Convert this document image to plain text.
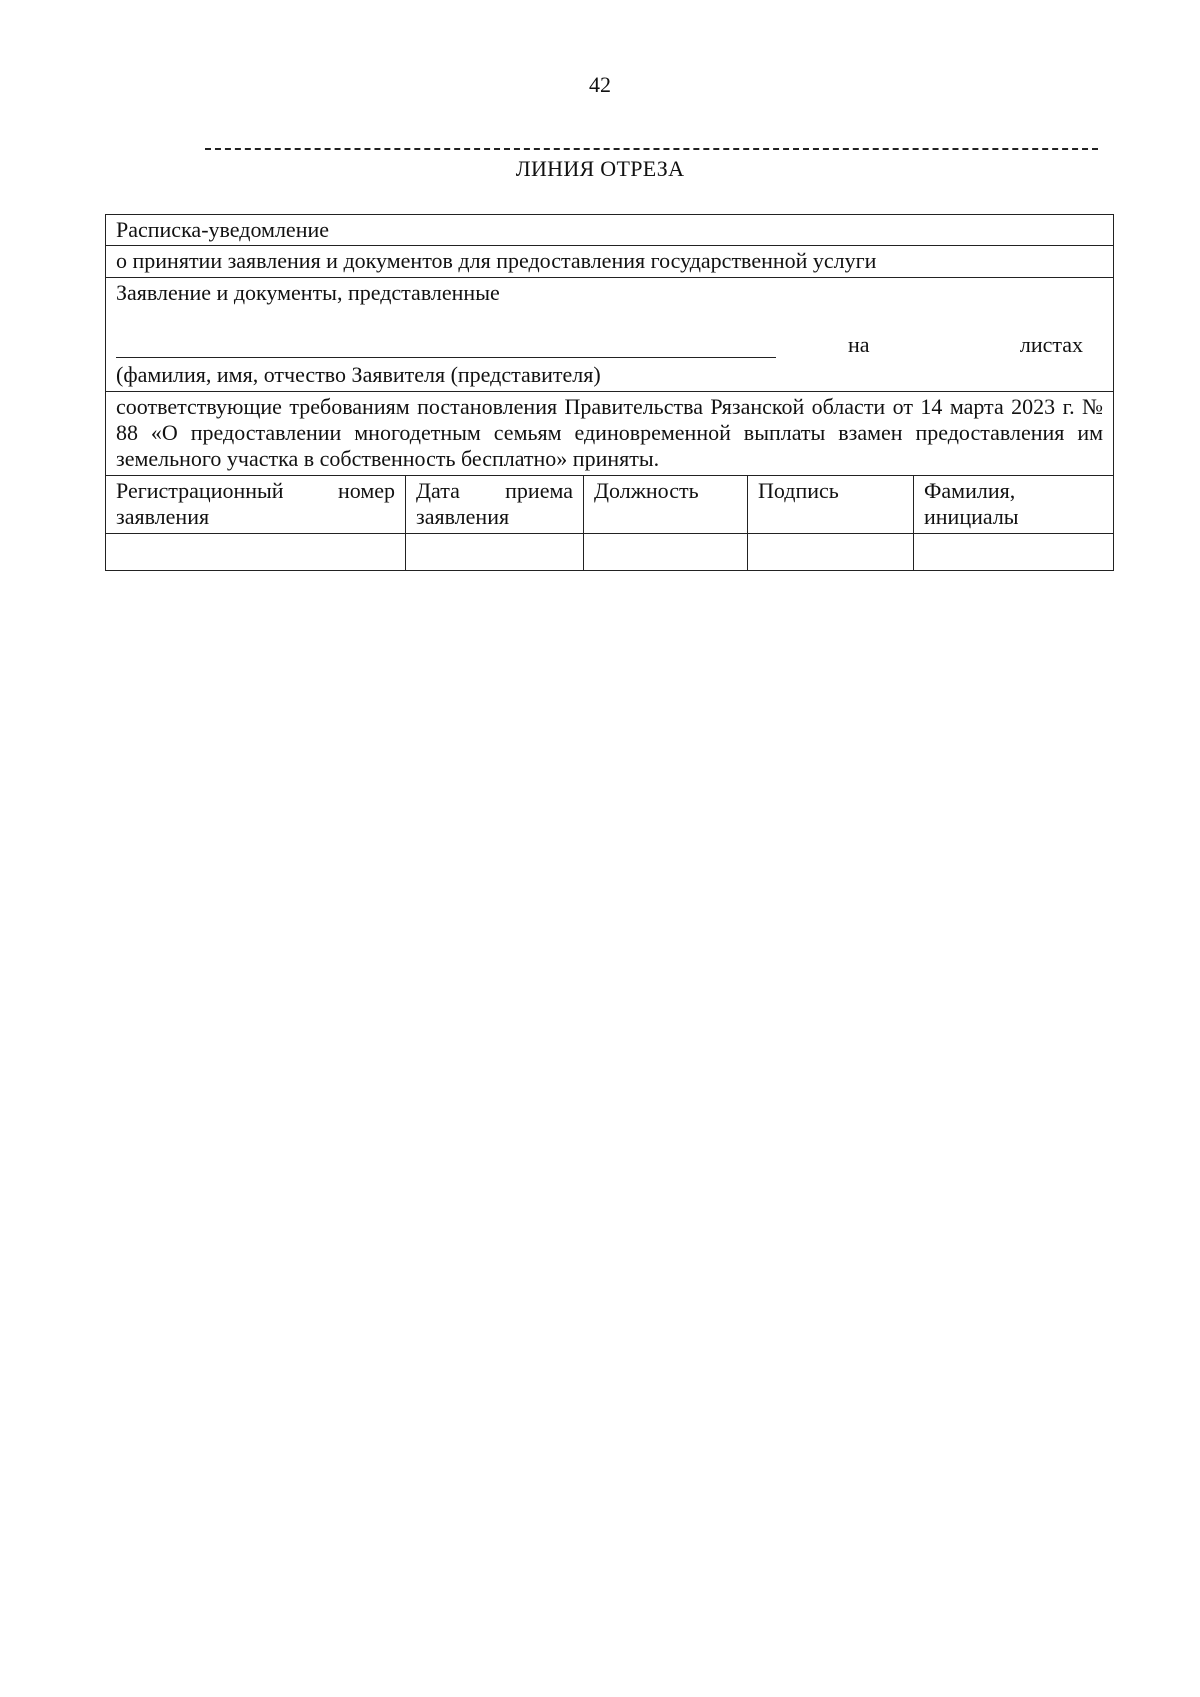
42
ЛИНИЯ ОТРЕЗА
Расписка-уведомление				
о принятии заявления и документов для предоставления государственной услуги				

Заявление и документы, представленные
на листах
(фамилия, имя, отчество Заявителя (представителя)				

соответствующие требованиям постановления Правительства Рязанской области от 14 марта 2023 г. № 88 «О предоставлении многодетным семьям единовременной выплаты взамен предоставления им земельного участка в собственность бесплатно» приняты.				
Регистрационный номер заявления	Дата приема заявления	Должность	Подпись	Фамилия, инициалы
